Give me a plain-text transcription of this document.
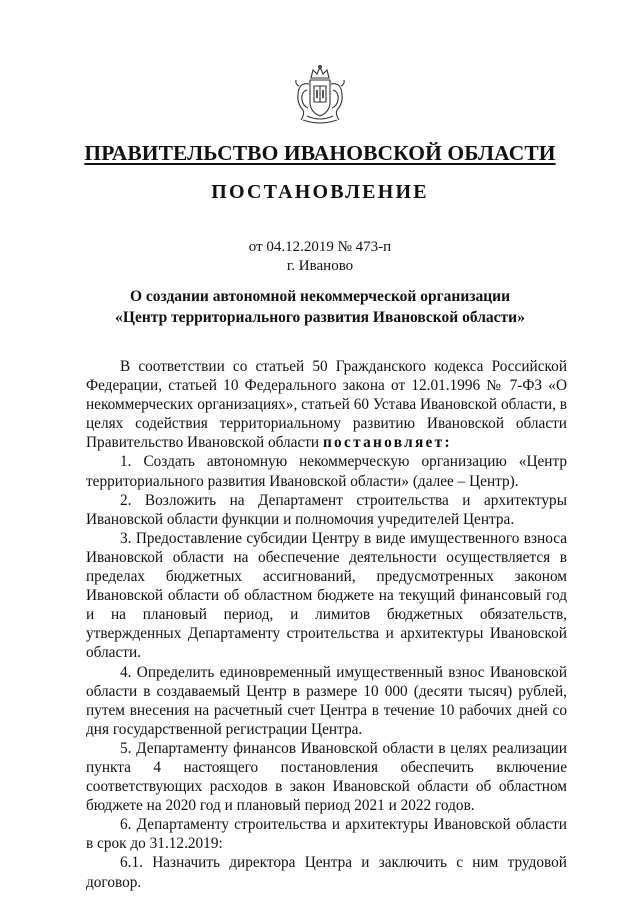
ПРАВИТЕЛЬСТВО ИВАНОВСКОЙ ОБЛАСТИ
ПОСТАНОВЛЕНИЕ
от 04.12.2019 № 473-п
г. Иваново
О создании автономной некоммерческой организации
«Центр территориального развития Ивановской области»

В соответствии со статьей 50 Гражданского кодекса Российской Федерации, статьей 10 Федерального закона от 12.01.1996 № 7-ФЗ «О некоммерческих организациях», статьей 60 Устава Ивановской области, в целях содействия территориальному развитию Ивановской области Правительство Ивановской области постановляет:

1. Создать автономную некоммерческую организацию «Центр территориального развития Ивановской области» (далее – Центр).

2. Возложить на Департамент строительства и архитектуры Ивановской области функции и полномочия учредителей Центра.

3. Предоставление субсидии Центру в виде имущественного взноса Ивановской области на обеспечение деятельности осуществляется в пределах бюджетных ассигнований, предусмотренных законом Ивановской области об областном бюджете на текущий финансовый год и на плановый период, и лимитов бюджетных обязательств, утвержденных Департаменту строительства и архитектуры Ивановской области.

4. Определить единовременный имущественный взнос Ивановской области в создаваемый Центр в размере 10 000 (десяти тысяч) рублей, путем внесения на расчетный счет Центра в течение 10 рабочих дней со дня государственной регистрации Центра.

5. Департаменту финансов Ивановской области в целях реализации пункта 4 настоящего постановления обеспечить включение соответствующих расходов в закон Ивановской области об областном бюджете на 2020 год и плановый период 2021 и 2022 годов.

6. Департаменту строительства и архитектуры Ивановской области в срок до 31.12.2019:

6.1. Назначить директора Центра и заключить с ним трудовой договор.
